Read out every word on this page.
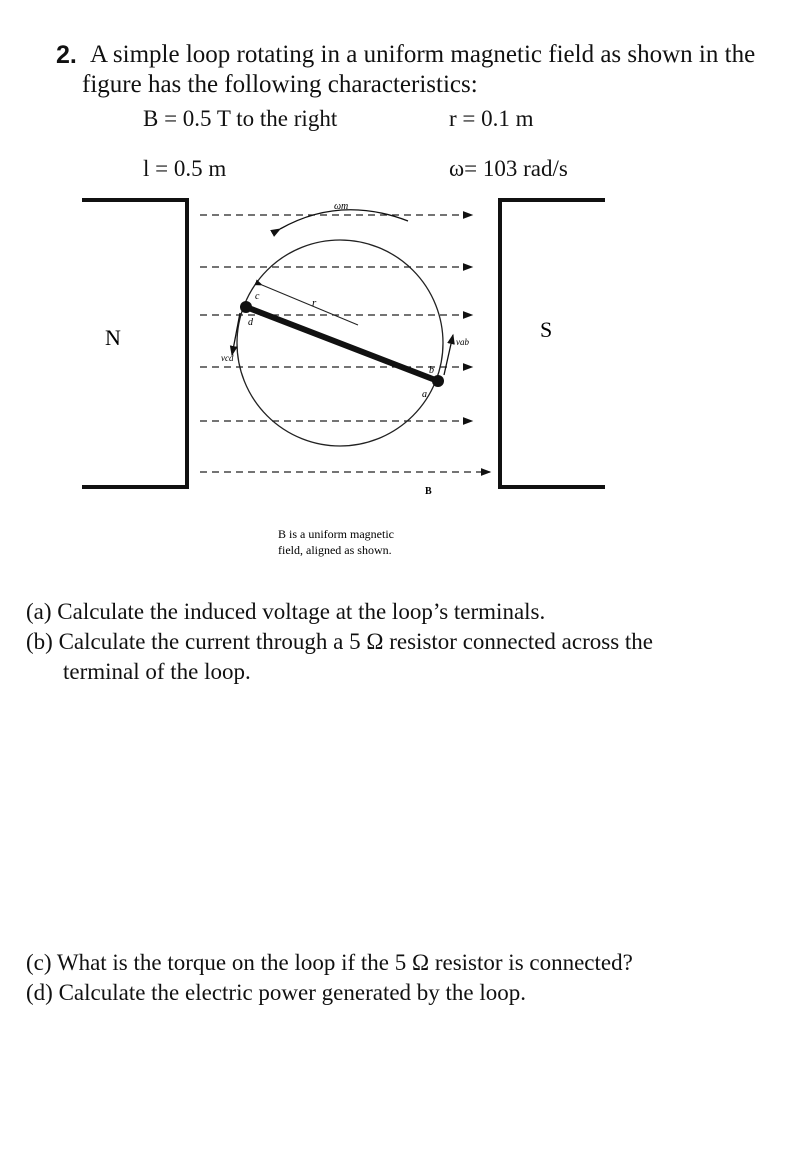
2. A simple loop rotating in a uniform magnetic field as shown in the
figure has the following characteristics:
B = 0.5 T to the right	r = 0.1 m
l = 0.5 m	ω= 103 rad/s
ωm
r
c
d
b
a
vcd
vab
N	S
B
B is a uniform magnetic
field, aligned as shown.
(a) Calculate the induced voltage at the loop’s terminals.
(b) Calculate the current through a 5 Ω resistor connected across the
terminal of the loop.
(c) What is the torque on the loop if the 5 Ω resistor is connected?
(d) Calculate the electric power generated by the loop.
